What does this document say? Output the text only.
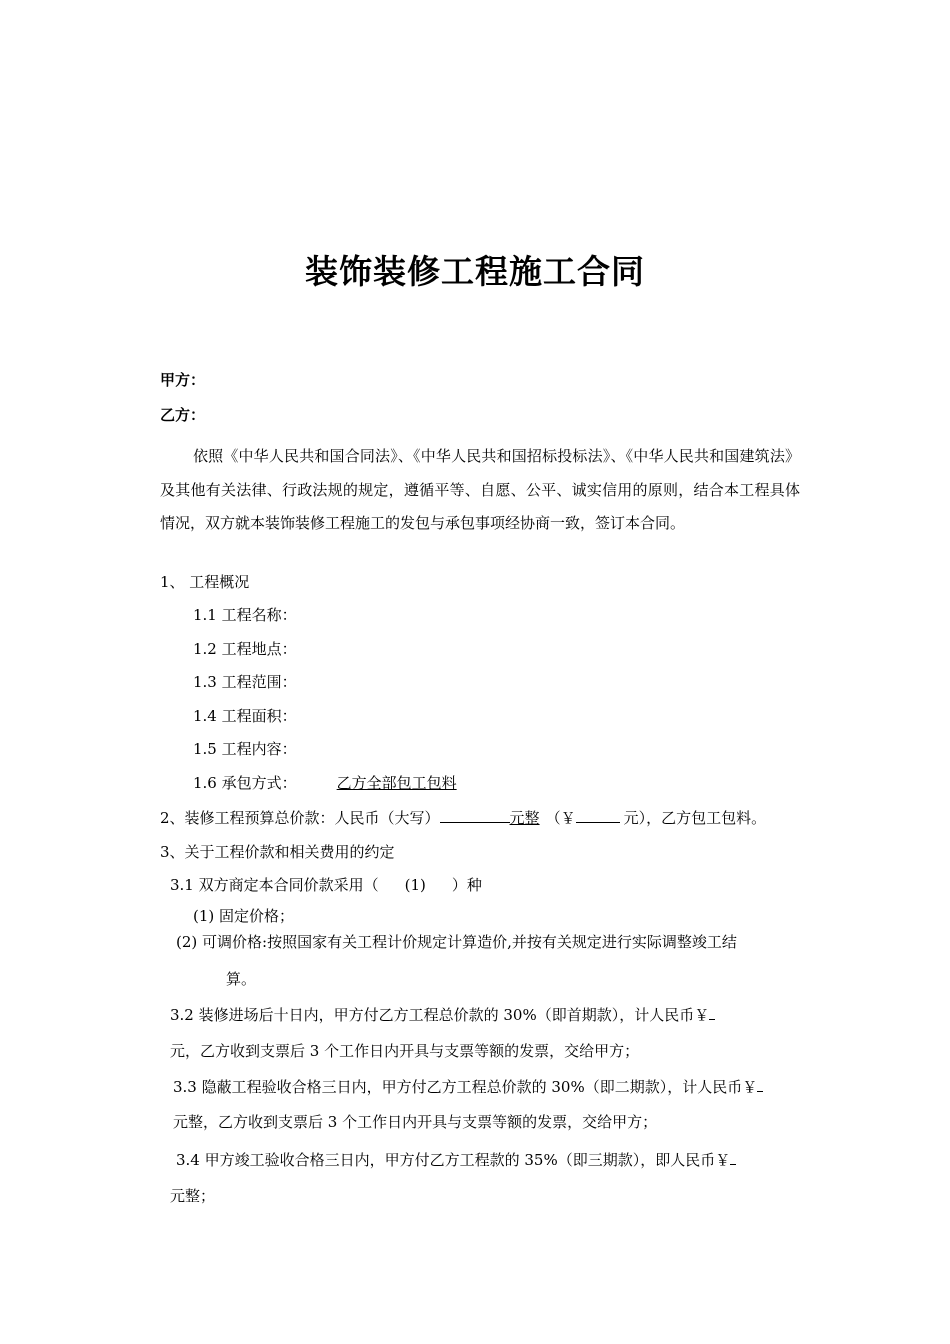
装饰装修工程施工合同
甲方：
乙方：

依照《中华人民共和国合同法》、《中华人民共和国招标投标法》、《中华人民共和国建筑法》及其他有关法律、行政法规的规定，遵循平等、自愿、公平、诚实信用的原则，结合本工程具体情况，双方就本装饰装修工程施工的发包与承包事项经协商一致，签订本合同。

1、 工程概况
1.1 工程名称：
1.2 工程地点：
1.3 工程范围：
1.4 工程面积：
1.5 工程内容：
1.6 承包方式：	乙方全部包工包料
2、装修工程预算总价款：人民币（大写）	元整 （￥	元），乙方包工包料。
3、关于工程价款和相关费用的约定
3.1 双方商定本合同价款采用（ (1) ）种
(1) 固定价格；
(2) 可调价格:按照国家有关工程计价规定计算造价,并按有关规定进行实际调整竣工结
算。
3.2 装修进场后十日内，甲方付乙方工程总价款的 30%（即首期款），计人民币￥
元，乙方收到支票后 3 个工作日内开具与支票等额的发票，交给甲方；
3.3 隐蔽工程验收合格三日内，甲方付乙方工程总价款的 30%（即二期款），计人民币￥
元整，乙方收到支票后 3 个工作日内开具与支票等额的发票，交给甲方；
3.4 甲方竣工验收合格三日内，甲方付乙方工程款的 35%（即三期款），即人民币￥
元整；
